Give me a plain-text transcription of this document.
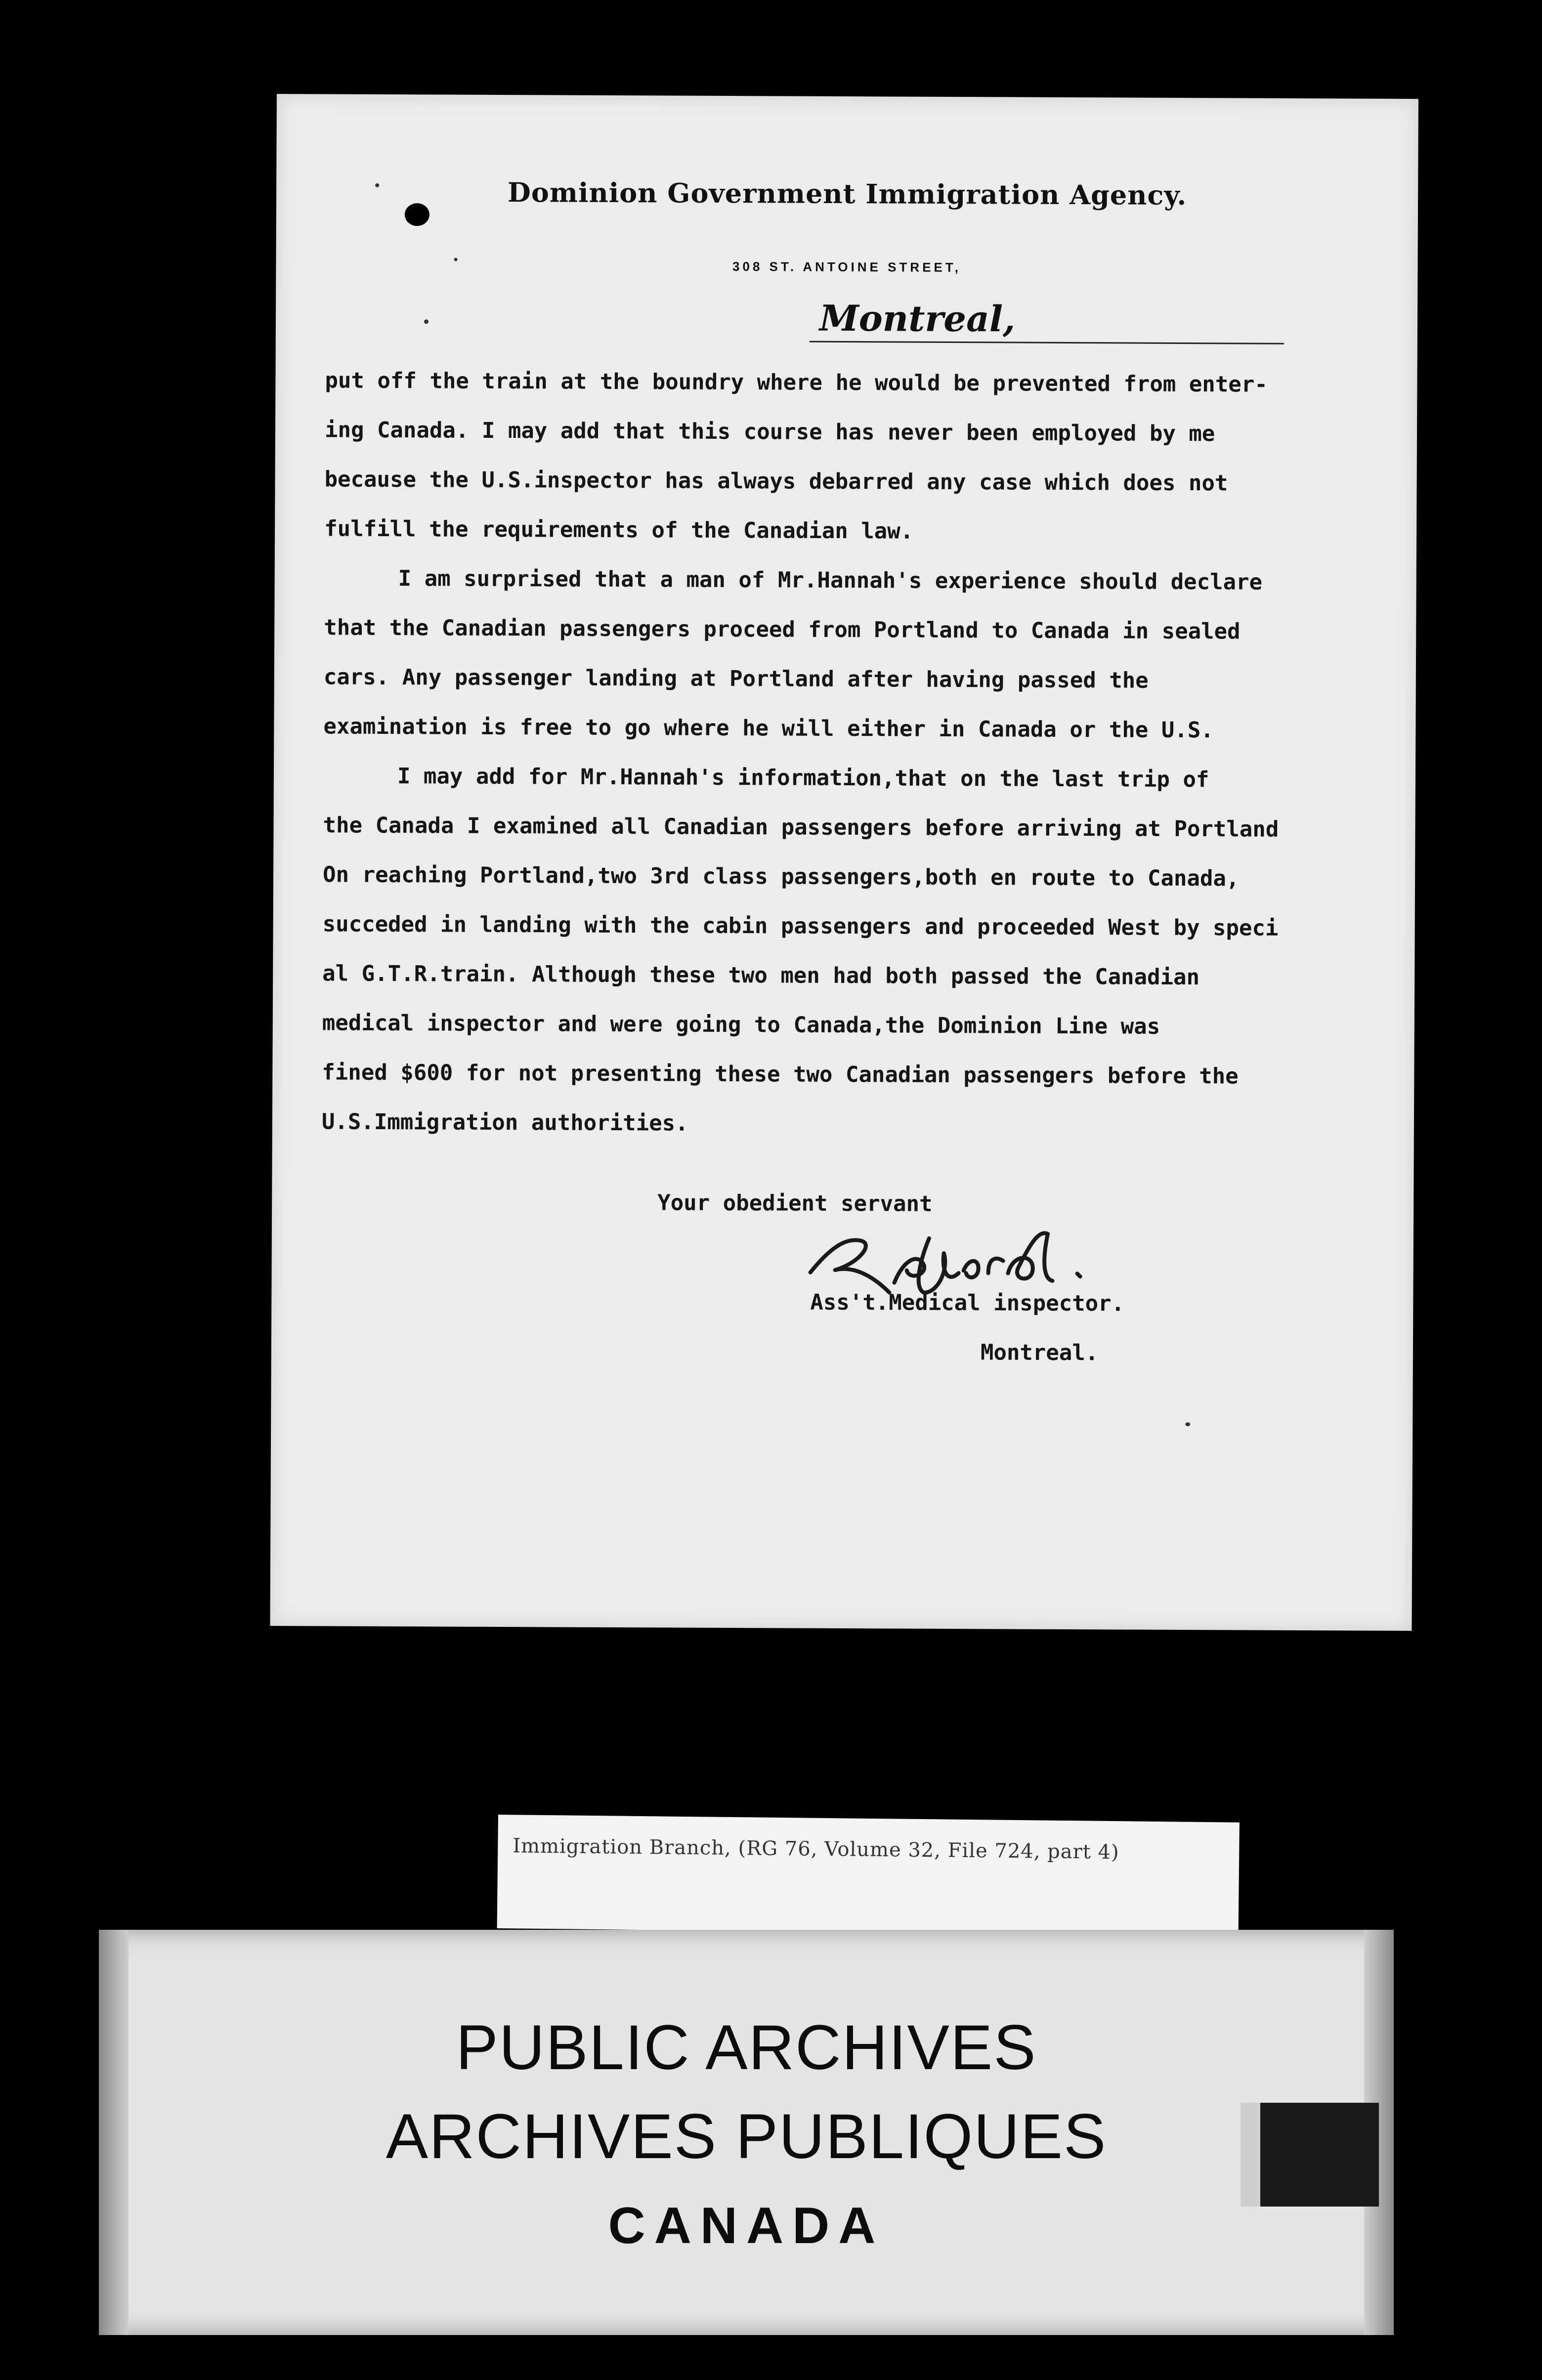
Dominion Government Immigration Agency.
308 ST. ANTOINE STREET,
Montreal,
put off the train at the boundry where he would be prevented from enter-
ing Canada. I may add that this course has never been employed by me
because the U.S.inspector has always debarred any case which does not
fulfill the requirements of the Canadian law.
I am surprised that a man of Mr.Hannah's experience should declare
that the Canadian passengers proceed from Portland to Canada in sealed
cars. Any passenger landing at Portland after having passed the
examination is free to go where he will either in Canada or the U.S.
I may add for Mr.Hannah's information,that on the last trip of
the Canada I examined all Canadian passengers before arriving at Portland
On reaching Portland,two 3rd class passengers,both en route to Canada,
succeded in landing with the cabin passengers and proceeded West by speci
al G.T.R.train. Although these two men had both passed the Canadian
medical inspector and were going to Canada,the Dominion Line was
fined $600 for not presenting these two Canadian passengers before the
U.S.Immigration authorities.
Your obedient servant
Ass't.Medical inspector.
Montreal.
Immigration Branch, (RG 76, Volume 32, File 724, part 4)
PUBLIC ARCHIVES
ARCHIVES PUBLIQUES
CANADA
